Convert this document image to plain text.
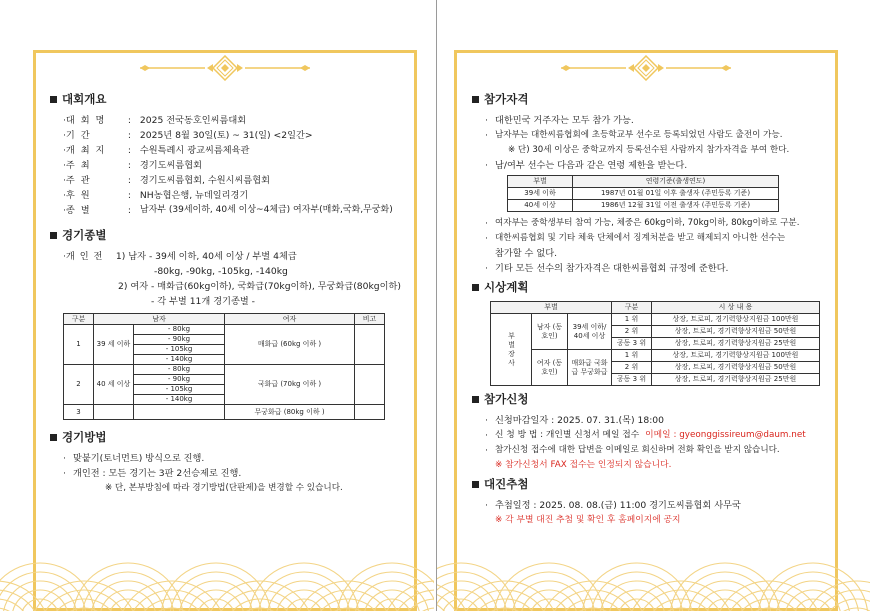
대회개요
· 대 회 명	: 2025 전국동호인씨름대회
· 기 간	: 2025년 8월 30일(토) ~ 31(일) <2일간>
· 개 최 지	: 수원특례시 광교씨름체육관
· 주 최	: 경기도씨름협회
· 주 관	: 경기도씨름협회, 수원시씨름협회
· 후 원	: NH농협은행, 뉴데일리경기
· 종 별	: 남자부 (39세이하, 40세 이상~4체급) 여자부(매화,국화,무궁화)
경기종별
· 개 인 전	1) 남자 - 39세 이하, 40세 이상 / 부별 4체급
-80kg, -90kg, -105kg, -140kg
2) 여자 - 매화급(60kg이하), 국화급(70kg이하), 무궁화급(80kg이하)
- 각 부별 11개 경기종별 -
구분	남자		여자	비고
1	39 세 이하	- 80kg	매화급 (60kg 이하 )	
		- 90kg		
		- 105kg		
		- 140kg		
2	40 세 이상	- 80kg	국화급 (70kg 이하 )	
		- 90kg		
		- 105kg		
		- 140kg		
3			무궁화급 (80kg 이하 )	
경기방법
· 맞붙기(토너먼트) 방식으로 진행.
· 개인전 : 모든 경기는 3판 2선승제로 진행.
※ 단, 본부방침에 따라 경기방법(단판제)을 변경할 수 있습니다.
참가자격
· 대한민국 거주자는 모두 참가 가능.
· 남자부는 대한씨름협회에 초등학교부 선수로 등록되었던 사람도 출전이 가능.
※ 단) 30세 이상은 중학교까지 등록선수된 사람까지 참가자격을 부여 한다.
· 남/여부 선수는 다음과 같은 연령 제한을 받는다.
부별	연령기준(출생연도)
39세 이하	1987년 01월 01일 이후 출생자 (주민등록 기준)
40세 이상	1986년 12월 31일 이전 출생자 (주민등록 기준)
· 여자부는 중학생부터 참여 가능, 체중은 60kg이하, 70kg이하, 80kg이하로 구분.
· 대한씨름협회 및 기타 체육 단체에서 징계처분을 받고 해제되지 아니한 선수는
참가할 수 없다.
· 기타 모든 선수의 참가자격은 대한씨름협회 규정에 준한다.
시상계획
부별			구분	시 상 내 용
부별장사	남자 (동호인)	39세 이하/ 40세 이상	1 위	상장, 트로피, 경기력향상지원금 100만원
			2 위	상장, 트로피, 경기력향상지원금 50만원
			공동 3 위	상장, 트로피, 경기력향상지원금 25만원
	여자 (동호인)	매화급 국화급 무궁화급	1 위	상장, 트로피, 경기력향상지원금 100만원
			2 위	상장, 트로피, 경기력향상지원금 50만원
			공동 3 위	상장, 트로피, 경기력향상지원금 25만원
참가신청
· 신청마감일자 : 2025. 07. 31.(목) 18:00
· 신 청 방 법 : 개인별 신청서 메일 접수
이메일 : gyeonggissireum@daum.net
· 참가신청 접수에 대한 답변을 이메일로 회신하며 전화 확인을 받지 않습니다.
※ 참가신청서 FAX 접수는 인정되지 않습니다.
대진추첨
· 추첨일정 : 2025. 08. 08.(금) 11:00 경기도씨름협회 사무국
※ 각 부별 대진 추첨 및 확인 후 홈페이지에 공지
